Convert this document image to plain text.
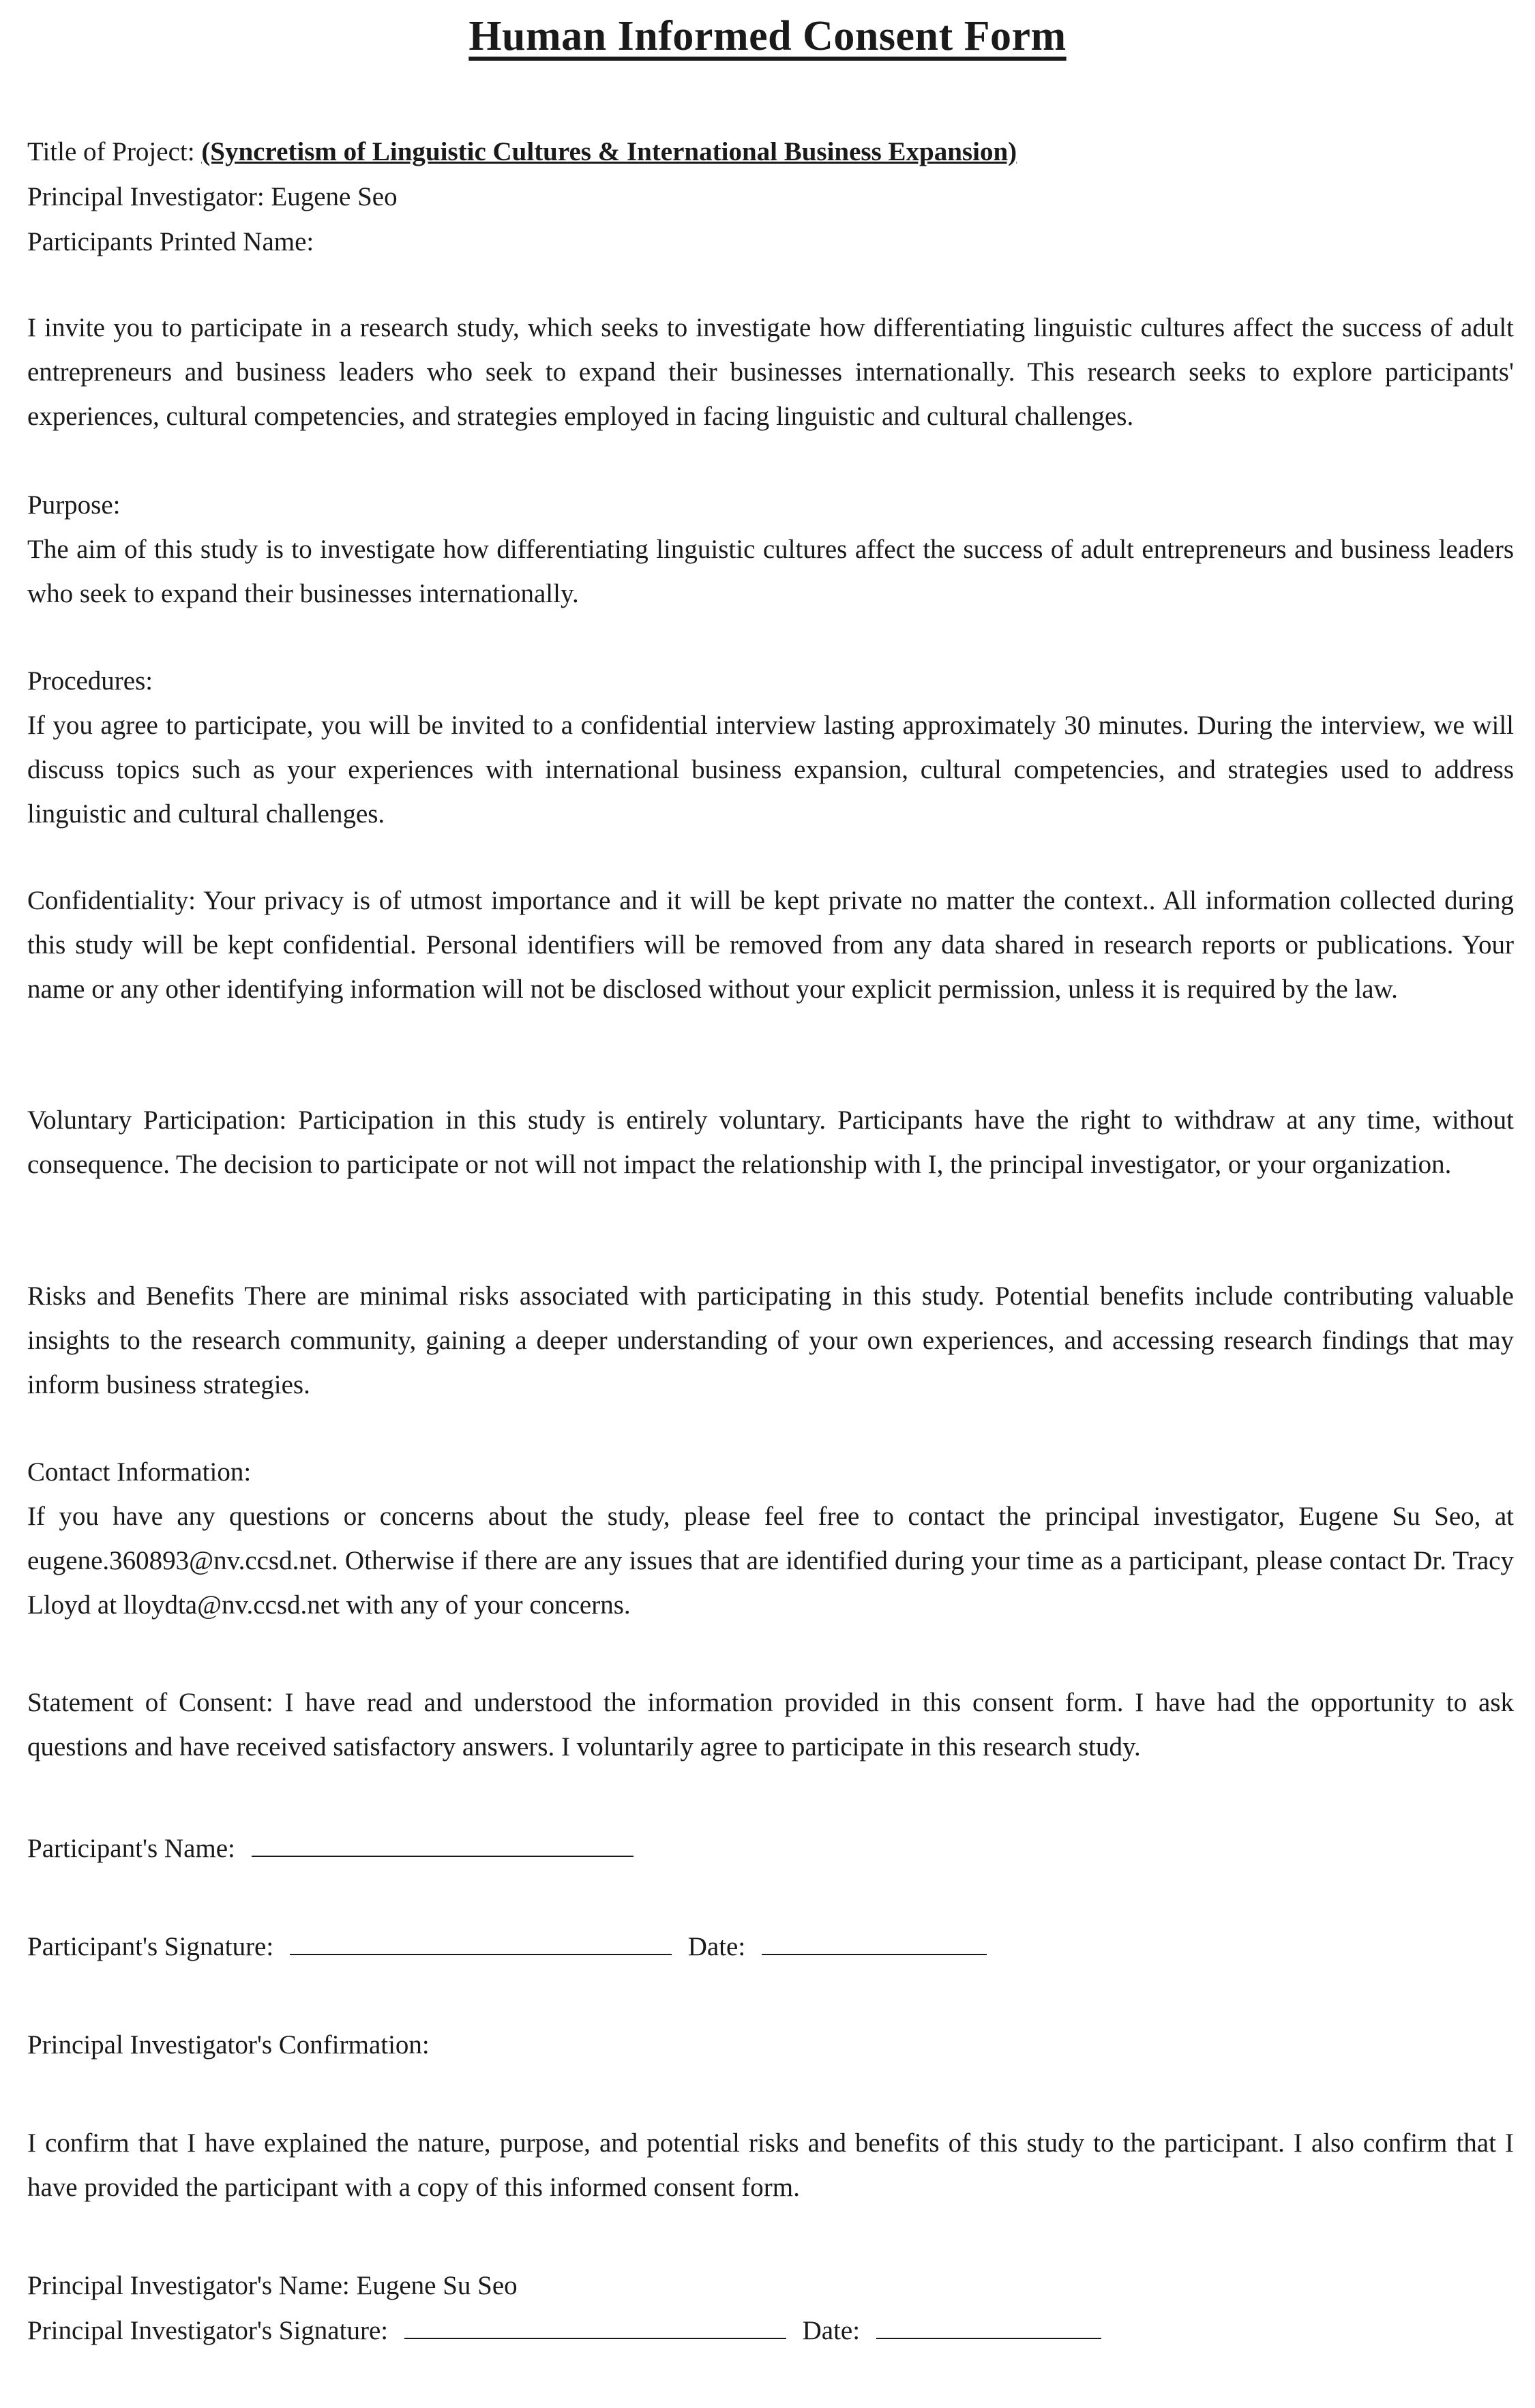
Human Informed Consent Form
Title of Project: (Syncretism of Linguistic Cultures & International Business Expansion)
Principal Investigator: Eugene Seo
Participants Printed Name:
I invite you to participate in a research study, which seeks to investigate how differentiating linguistic cultures affect the success of adult entrepreneurs and business leaders who seek to expand their businesses internationally. This research seeks to explore participants' experiences, cultural competencies, and strategies employed in facing linguistic and cultural challenges.
Purpose:
The aim of this study is to investigate how differentiating linguistic cultures affect the success of adult entrepreneurs and business leaders who seek to expand their businesses internationally.
Procedures:
If you agree to participate, you will be invited to a confidential interview lasting approximately 30 minutes. During the interview, we will discuss topics such as your experiences with international business expansion, cultural competencies, and strategies used to address linguistic and cultural challenges.
Confidentiality: Your privacy is of utmost importance and it will be kept private no matter the context.. All information collected during this study will be kept confidential. Personal identifiers will be removed from any data shared in research reports or publications. Your name or any other identifying information will not be disclosed without your explicit permission, unless it is required by the law.
Voluntary Participation: Participation in this study is entirely voluntary. Participants have the right to withdraw at any time, without consequence. The decision to participate or not will not impact the relationship with I, the principal investigator, or your organization.
Risks and Benefits There are minimal risks associated with participating in this study. Potential benefits include contributing valuable insights to the research community, gaining a deeper understanding of your own experiences, and accessing research findings that may inform business strategies.
Contact Information:
If you have any questions or concerns about the study, please feel free to contact the principal investigator, Eugene Su Seo, at eugene.360893@nv.ccsd.net. Otherwise if there are any issues that are identified during your time as a participant, please contact Dr. Tracy Lloyd at lloydta@nv.ccsd.net with any of your concerns.
Statement of Consent: I have read and understood the information provided in this consent form. I have had the opportunity to ask questions and have received satisfactory answers. I voluntarily agree to participate in this research study.
Participant's Name:
Participant's Signature:	Date:
Principal Investigator's Confirmation:
I confirm that I have explained the nature, purpose, and potential risks and benefits of this study to the participant. I also confirm that I have provided the participant with a copy of this informed consent form.
Principal Investigator's Name: Eugene Su Seo
Principal Investigator's Signature:	Date:
